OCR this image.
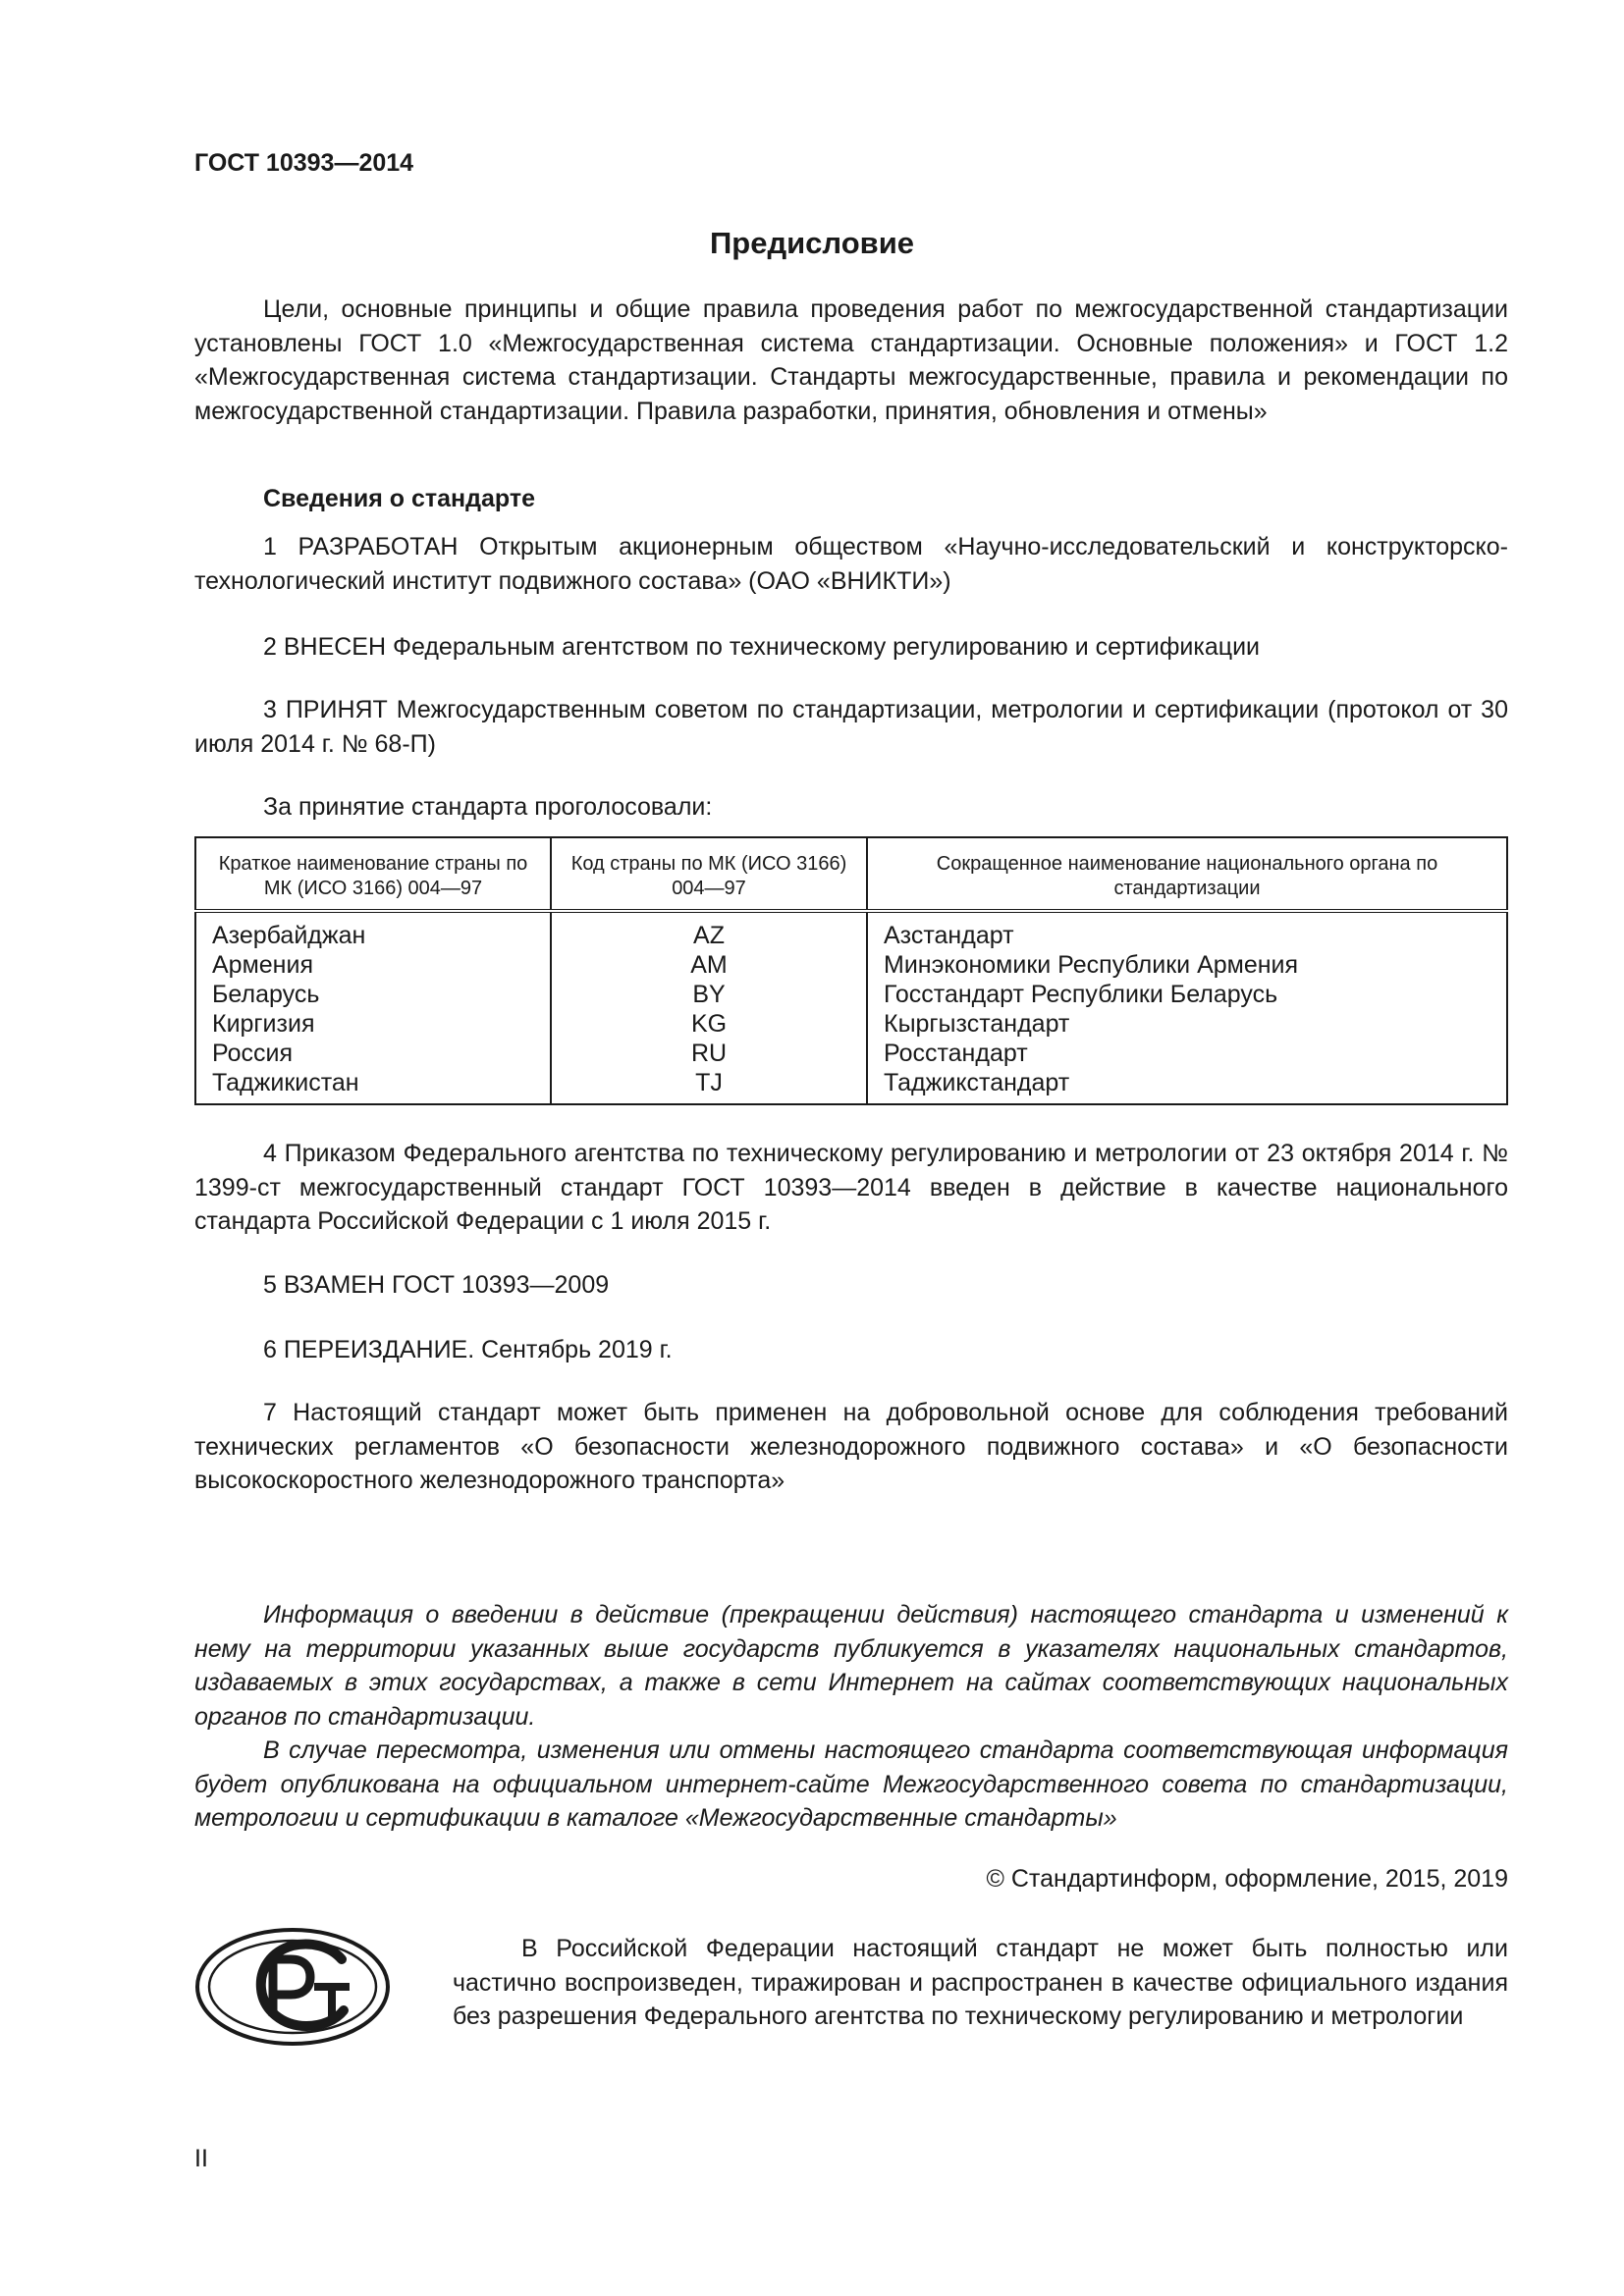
ГОСТ 10393—2014
Предисловие
Цели, основные принципы и общие правила проведения работ по межгосударственной стандартизации установлены ГОСТ 1.0 «Межгосударственная система стандартизации. Основные положения» и ГОСТ 1.2 «Межгосударственная система стандартизации. Стандарты межгосударственные, правила и рекомендации по межгосударственной стандартизации. Правила разработки, принятия, обновления и отмены»
Сведения о стандарте
1 РАЗРАБОТАН Открытым акционерным обществом «Научно-исследовательский и конструкторско-технологический институт подвижного состава» (ОАО «ВНИКТИ»)
2 ВНЕСЕН Федеральным агентством по техническому регулированию и сертификации
3 ПРИНЯТ Межгосударственным советом по стандартизации, метрологии и сертификации (протокол от 30 июля 2014 г. № 68-П)
За принятие стандарта проголосовали:
Краткое наименование страны по МК (ИСО 3166) 004—97	Код страны по МК (ИСО 3166) 004—97	Сокращенное наименование национального органа по стандартизации
Азербайджан	AZ	Азстандарт
Армения	AM	Минэкономики Республики Армения
Беларусь	BY	Госстандарт Республики Беларусь
Киргизия	KG	Кыргызстандарт
Россия	RU	Росстандарт
Таджикистан	TJ	Таджикстандарт
4 Приказом Федерального агентства по техническому регулированию и метрологии от 23 октября 2014 г. № 1399-ст межгосударственный стандарт ГОСТ 10393—2014 введен в действие в качестве национального стандарта Российской Федерации с 1 июля 2015 г.
5 ВЗАМЕН ГОСТ 10393—2009
6 ПЕРЕИЗДАНИЕ. Сентябрь 2019 г.
7 Настоящий стандарт может быть применен на добровольной основе для соблюдения требований технических регламентов «О безопасности железнодорожного подвижного состава» и «О безопасности высокоскоростного железнодорожного транспорта»
Информация о введении в действие (прекращении действия) настоящего стандарта и изменений к нему на территории указанных выше государств публикуется в указателях национальных стандартов, издаваемых в этих государствах, а также в сети Интернет на сайтах соответствующих национальных органов по стандартизации.
В случае пересмотра, изменения или отмены настоящего стандарта соответствующая информация будет опубликована на официальном интернет-сайте Межгосударственного совета по стандартизации, метрологии и сертификации в каталоге «Межгосударственные стандарты»
© Стандартинформ, оформление, 2015, 2019
В Российской Федерации настоящий стандарт не может быть полностью или частично воспроизведен, тиражирован и распространен в качестве официального издания без разрешения Федерального агентства по техническому регулированию и метрологии
II
